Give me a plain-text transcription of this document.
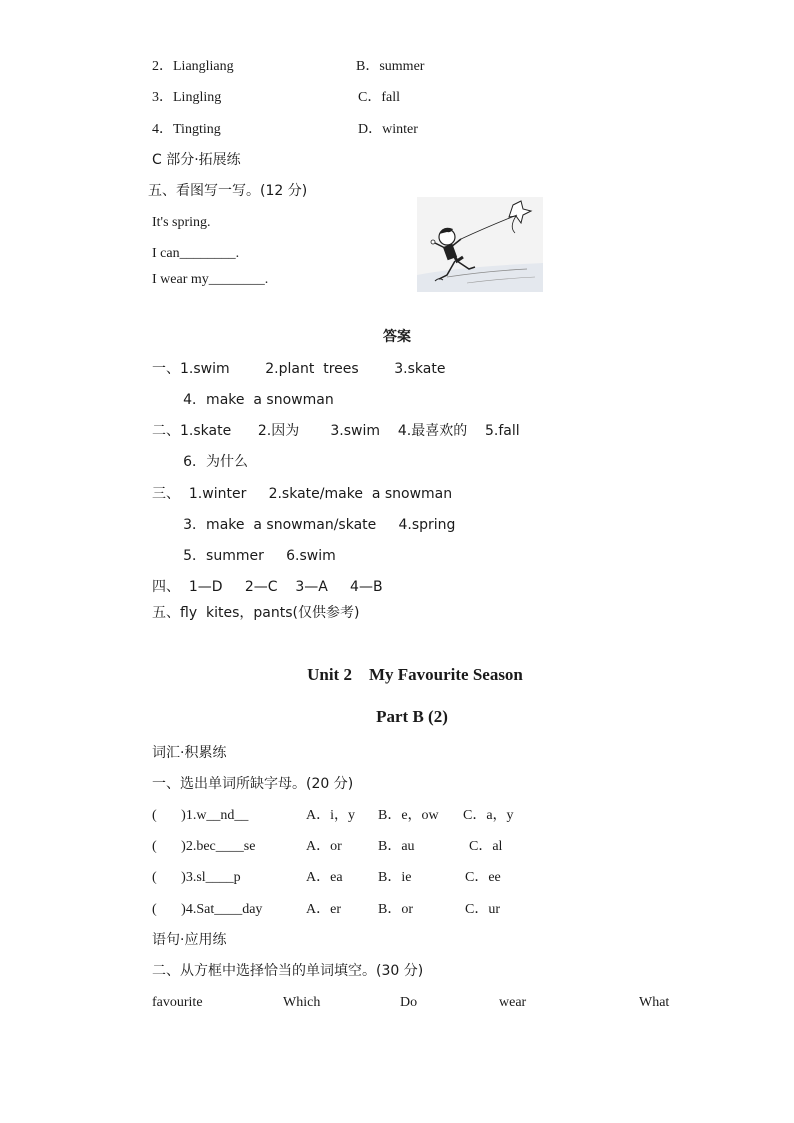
2．Liangliang	B．summer
3．Lingling	C．fall
4．Tingting	D．winter
C 部分·拓展练
五、看图写一写。(12 分)
It's spring.
I can________.
I wear my________.
答案
一、1.swim        2.plant  trees        3.skate
4．make  a snowman
二、1.skate      2.因为       3.swim    4.最喜欢的    5.fall
6．为什么
三、  1.winter     2.skate/make  a snowman
3．make  a snowman/skate     4.spring
5．summer     6.swim
四、  1—D     2—C    3—A     4—B
五、fly  kites，pants(仅供参考)
Unit 2    My Favourite Season
Part B (2)
词汇·积累练
一、选出单词所缺字母。(20 分)
(       )1.w__nd__	A．i，y B．e，ow C．a，y
(       )2.bec____se	A．or	B．au	C．al
(       )3.sl____p	A．ea	B．ie	C．ee
(       )4.Sat____day	A．er	B．or	C．ur
语句·应用练
二、从方框中选择恰当的单词填空。(30 分)
favourite	Which	Do	wear	What
